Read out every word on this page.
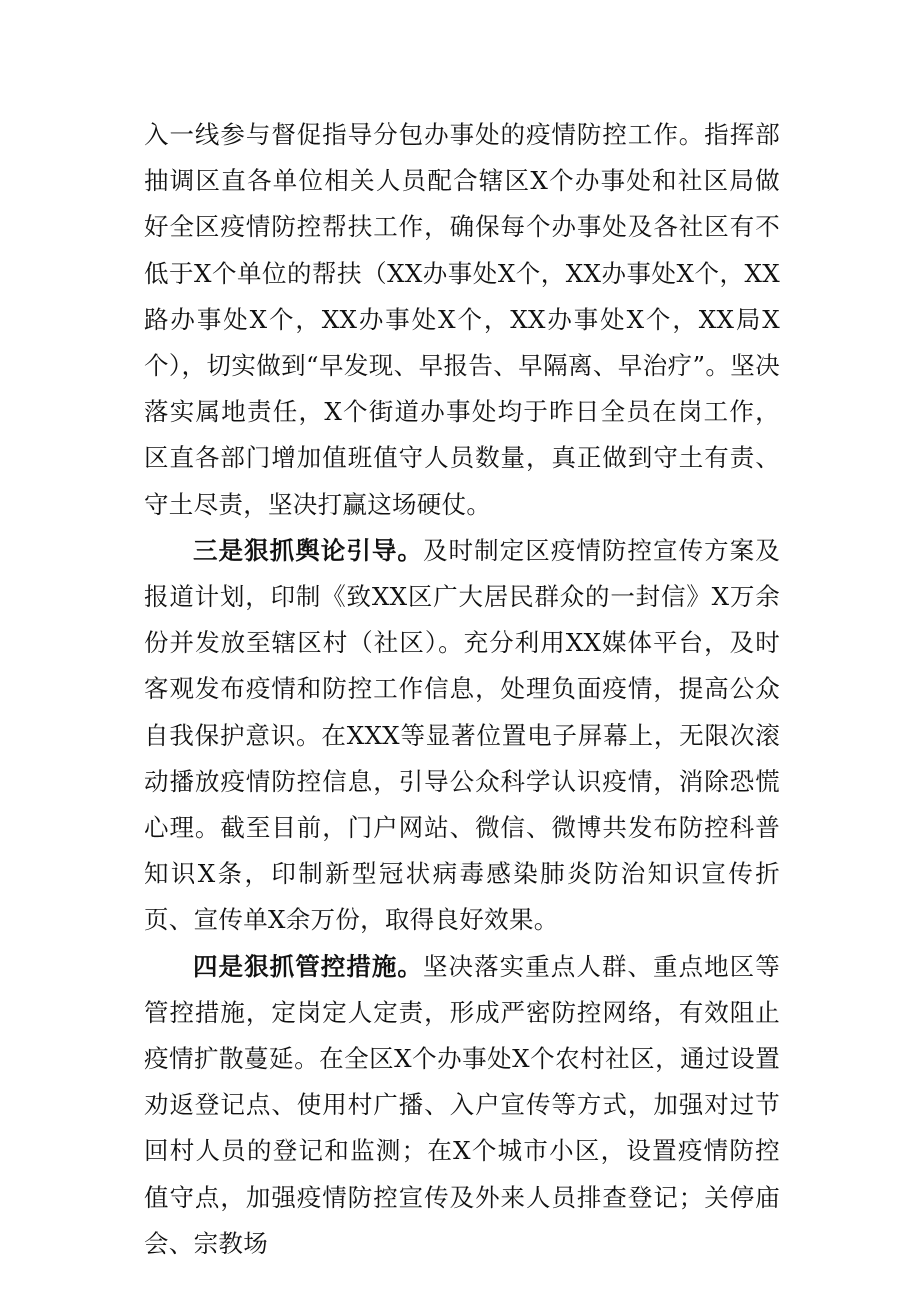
入一线参与督促指导分包办事处的疫情防控工作。指挥部抽调区直各单位相关人员配合辖区X个办事处和社区局做好全区疫情防控帮扶工作，确保每个办事处及各社区有不低于X个单位的帮扶（XX办事处X个，XX办事处X个，XX路办事处X个，XX办事处X个，XX办事处X个，XX局X个），切实做到“早发现、早报告、早隔离、早治疗”。坚决落实属地责任，X个街道办事处均于昨日全员在岗工作，区直各部门增加值班值守人员数量，真正做到守土有责、守土尽责，坚决打赢这场硬仗。

三是狠抓舆论引导。及时制定区疫情防控宣传方案及报道计划，印制《致XX区广大居民群众的一封信》X万余份并发放至辖区村（社区）。充分利用XX媒体平台，及时客观发布疫情和防控工作信息，处理负面疫情，提高公众自我保护意识。在XXX等显著位置电子屏幕上，无限次滚动播放疫情防控信息，引导公众科学认识疫情，消除恐慌心理。截至目前，门户网站、微信、微博共发布防控科普知识X条，印制新型冠状病毒感染肺炎防治知识宣传折页、宣传单X余万份，取得良好效果。

四是狠抓管控措施。坚决落实重点人群、重点地区等管控措施，定岗定人定责，形成严密防控网络，有效阻止疫情扩散蔓延。在全区X个办事处X个农村社区，通过设置劝返登记点、使用村广播、入户宣传等方式，加强对过节回村人员的登记和监测；在X个城市小区，设置疫情防控值守点，加强疫情防控宣传及外来人员排查登记；关停庙会、宗教场
